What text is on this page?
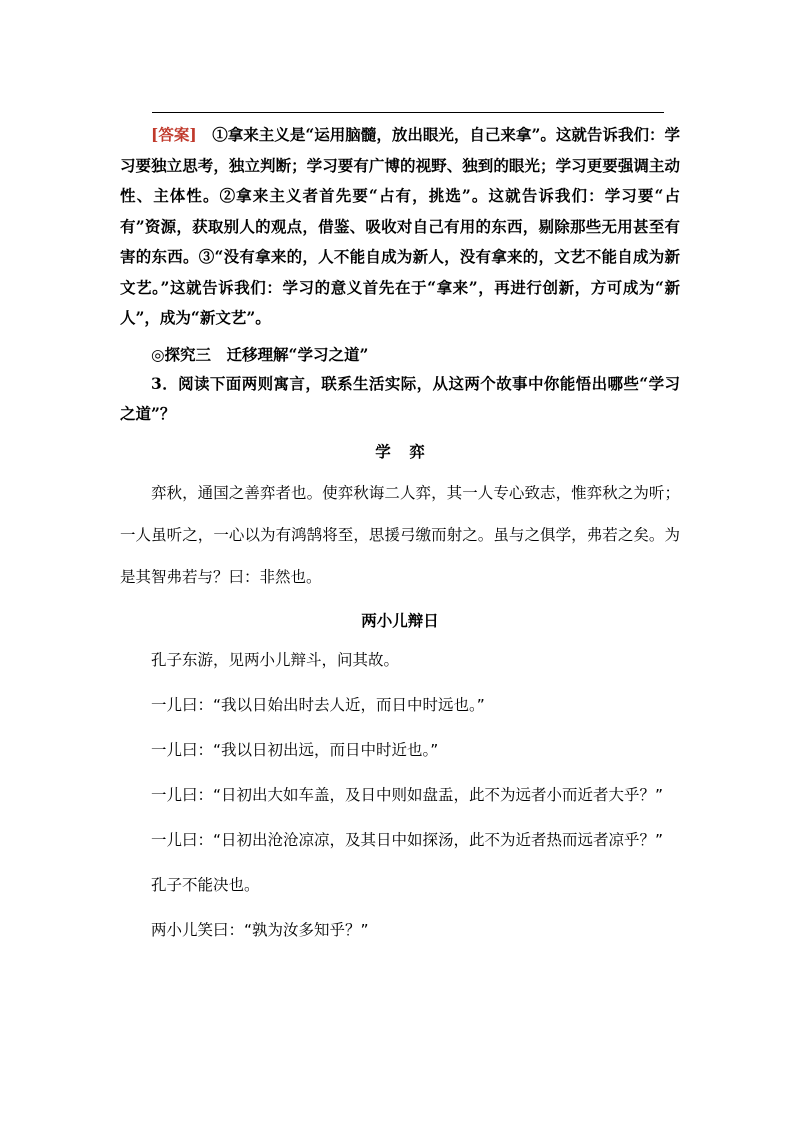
[答案]　 ①拿来主义是“运用脑髓，放出眼光，自己来拿”。这就告诉我们：学习要独立思考，独立判断；学习要有广博的视野、独到的眼光；学习更要强调主动性、主体性。②拿来主义者首先要“占有，挑选”。这就告诉我们：学习要“占有”资源，获取别人的观点，借鉴、吸收对自己有用的东西，剔除那些无用甚至有害的东西。③“没有拿来的，人不能自成为新人，没有拿来的，文艺不能自成为新文艺。”这就告诉我们：学习的意义首先在于“拿来”，再进行创新，方可成为“新人”，成为“新文艺”。

◎探究三　迁移理解“学习之道”

3．阅读下面两则寓言，联系生活实际，从这两个故事中你能悟出哪些“学习之道”？

学弈

弈秋，通国之善弈者也。使弈秋诲二人弈，其一人专心致志，惟弈秋之为听；一人虽听之，一心以为有鸿鹄将至，思援弓缴而射之。虽与之俱学，弗若之矣。为是其智弗若与？曰：非然也。

两小儿辩日

孔子东游，见两小儿辩斗，问其故。

一儿曰：“我以日始出时去人近，而日中时远也。”

一儿曰：“我以日初出远，而日中时近也。”

一儿曰：“日初出大如车盖，及日中则如盘盂，此不为远者小而近者大乎？”

一儿曰：“日初出沧沧凉凉，及其日中如探汤，此不为近者热而远者凉乎？”

孔子不能决也。

两小儿笑曰：“孰为汝多知乎？”
